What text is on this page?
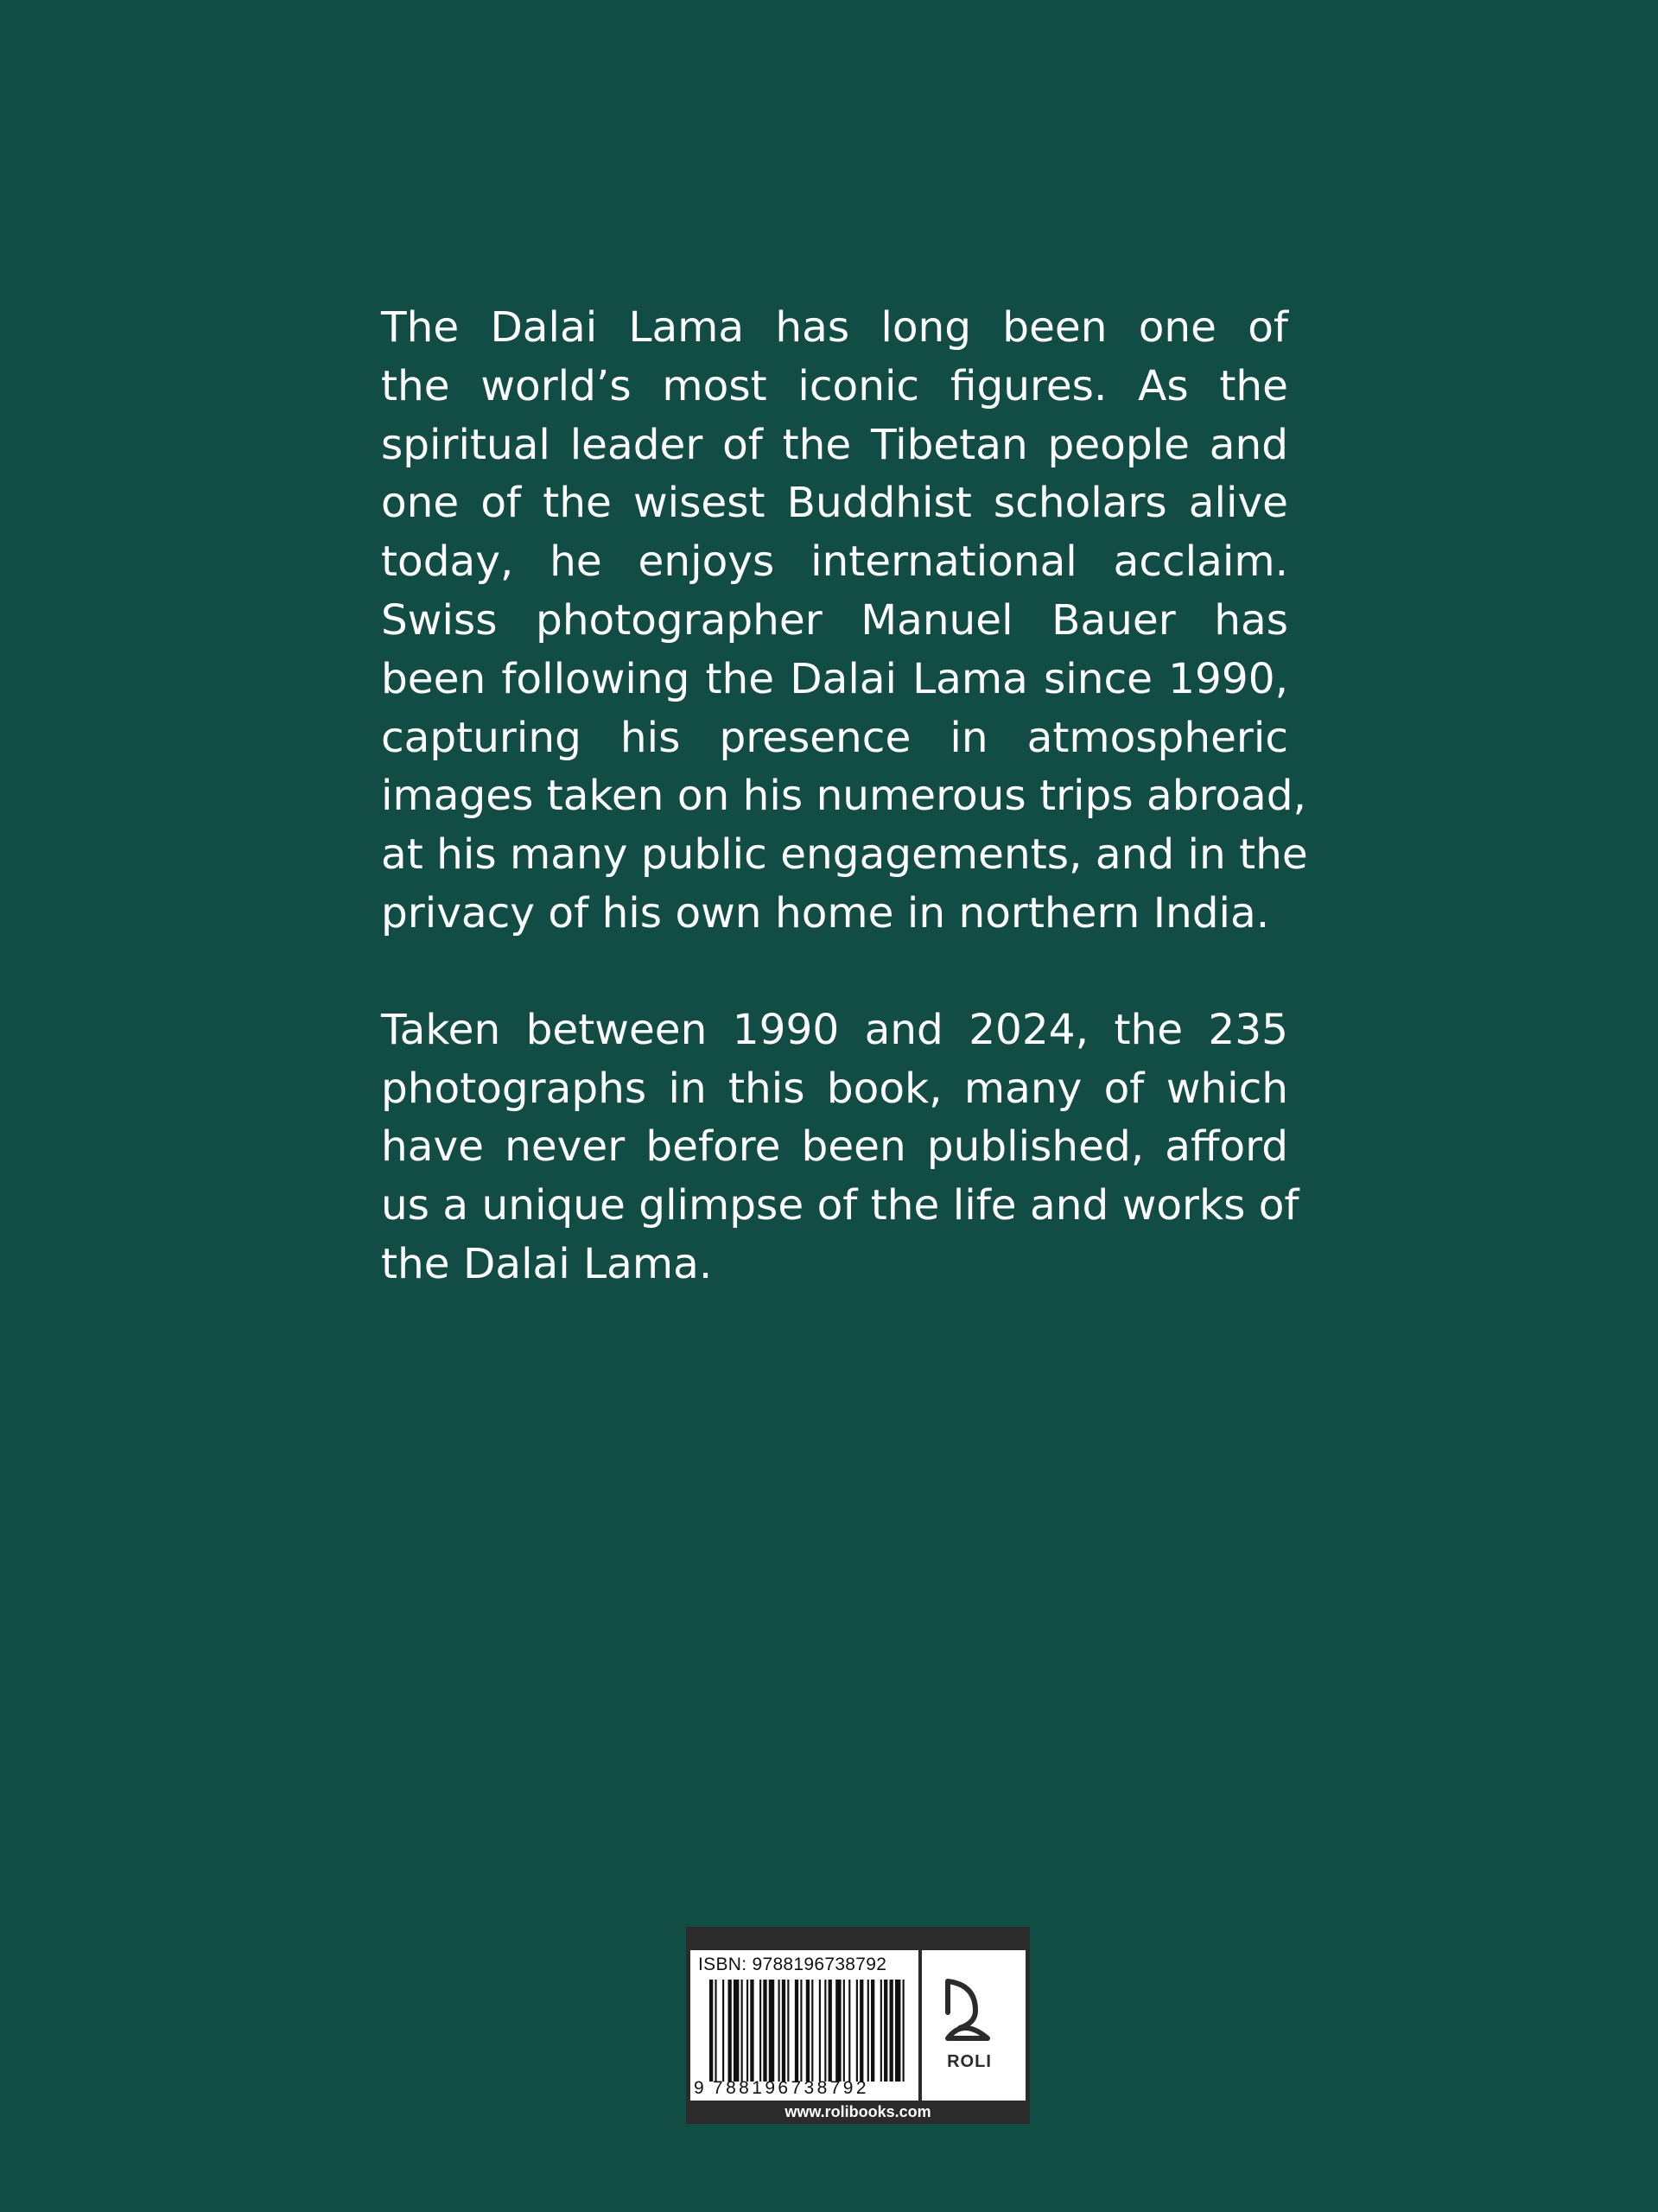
The Dalai Lama has long been one of
the world’s most iconic figures. As the
spiritual leader of the Tibetan people and
one of the wisest Buddhist scholars alive
today, he enjoys international acclaim.
Swiss photographer Manuel Bauer has
been following the Dalai Lama since 1990,
capturing his presence in atmospheric
images taken on his numerous trips abroad,
at his many public engagements, and in the
privacy of his own home in northern India.

Taken between 1990 and 2024, the 235
photographs in this book, many of which
have never before been published, afford
us a unique glimpse of the life and works of
the Dalai Lama.

ISBN: 9788196738792
9 788196738792
ROLI
www.rolibooks.com
